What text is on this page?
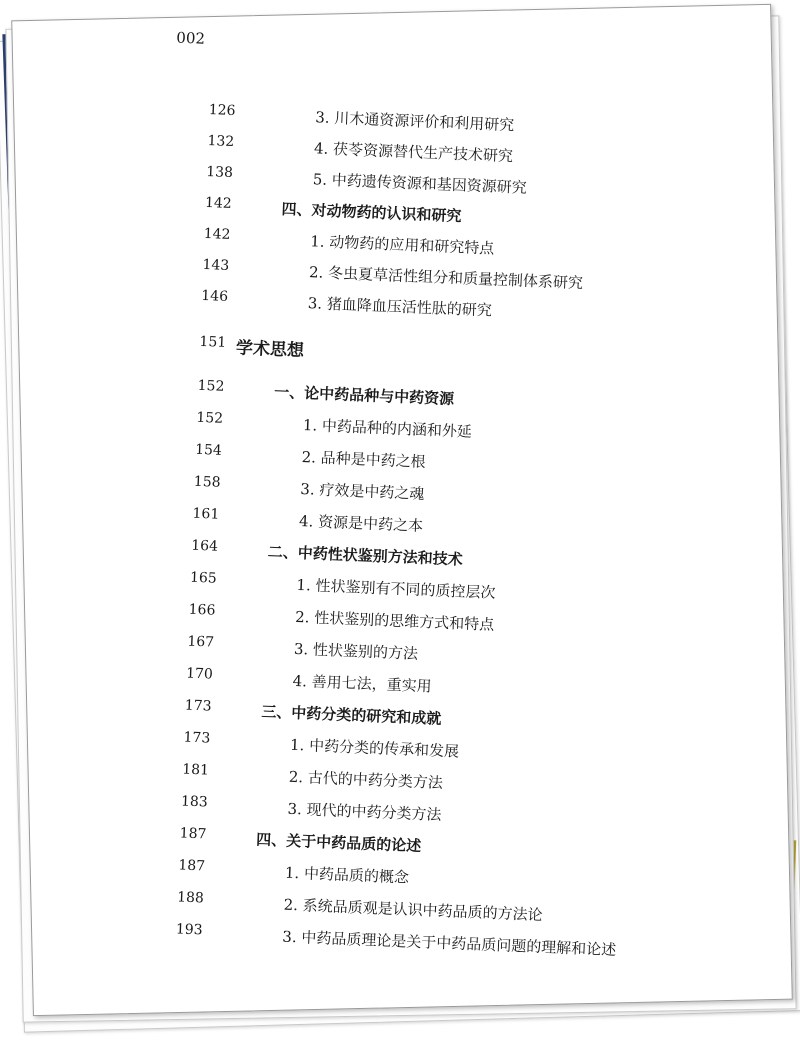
002
126	3. 川木通资源评价和利用研究
132	4. 茯苓资源替代生产技术研究
138	5. 中药遗传资源和基因资源研究
142	四、对动物药的认识和研究
142	1. 动物药的应用和研究特点
143	2. 冬虫夏草活性组分和质量控制体系研究
146	3. 猪血降血压活性肽的研究
151 学术思想
152	一、论中药品种与中药资源
152	1. 中药品种的内涵和外延
154	2. 品种是中药之根
158	3. 疗效是中药之魂
161	4. 资源是中药之本
164	二、中药性状鉴别方法和技术
165	1. 性状鉴别有不同的质控层次
166	2. 性状鉴别的思维方式和特点
167	3. 性状鉴别的方法
170	4. 善用七法，重实用
173	三、中药分类的研究和成就
173	1. 中药分类的传承和发展
181	2. 古代的中药分类方法
183	3. 现代的中药分类方法
187	四、关于中药品质的论述
187	1. 中药品质的概念
188	2. 系统品质观是认识中药品质的方法论
193	3. 中药品质理论是关于中药品质问题的理解和论述
